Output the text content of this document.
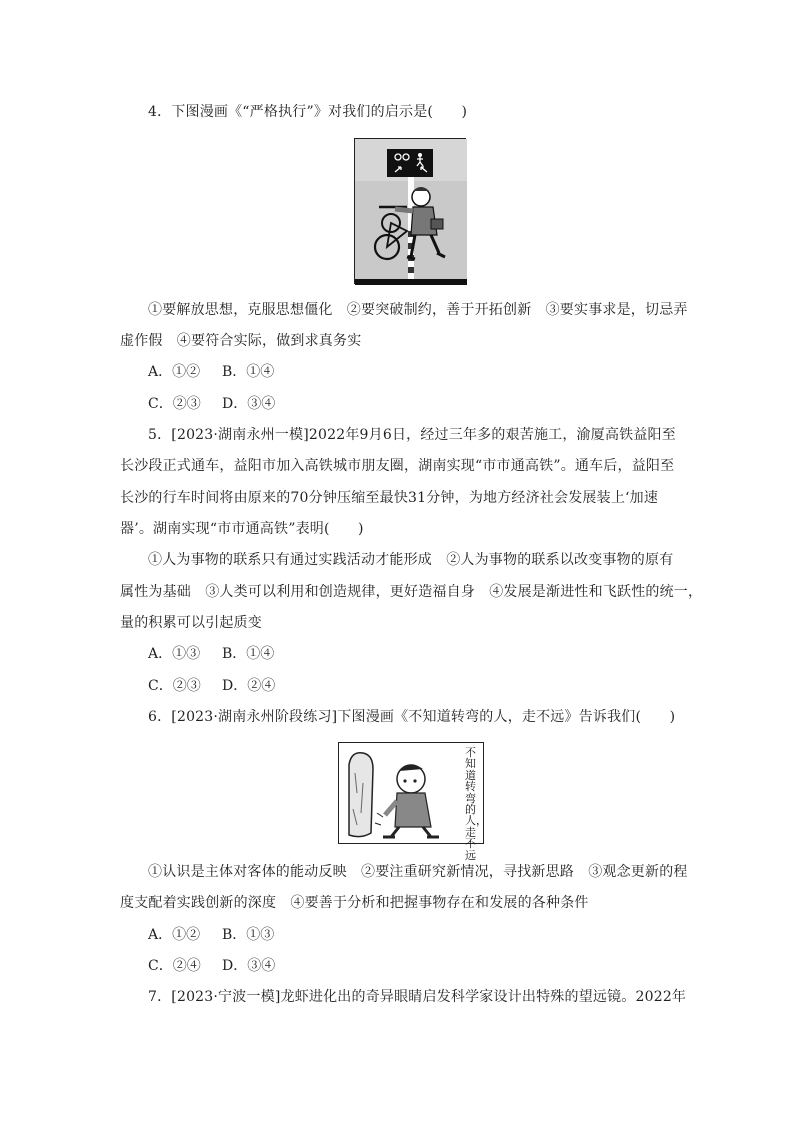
4．下图漫画《“严格执行”》对我们的启示是(　　)
①要解放思想，克服思想僵化　②要突破制约，善于开拓创新　③要实事求是，切忌弄
虚作假　④要符合实际，做到求真务实
A．①② B．①④
C．②③ D．③④
5．[2023·湖南永州一模]2022年9月6日，经过三年多的艰苦施工，渝厦高铁益阳至
长沙段正式通车，益阳市加入高铁城市朋友圈，湖南实现“市市通高铁”。通车后，益阳至
长沙的行车时间将由原来的70分钟压缩至最快31分钟，为地方经济社会发展装上‘加速
器’。湖南实现“市市通高铁”表明(　　)
①人为事物的联系只有通过实践活动才能形成　②人为事物的联系以改变事物的原有
属性为基础　③人类可以利用和创造规律，更好造福自身　④发展是渐进性和飞跃性的统一，
量的积累可以引起质变
A．①③ B．①④
C．②③ D．②④
6．[2023·湖南永州阶段练习]下图漫画《不知道转弯的人，走不远》告诉我们(　　)
不知道转弯的人，走不远
①认识是主体对客体的能动反映　②要注重研究新情况，寻找新思路　③观念更新的程
度支配着实践创新的深度　④要善于分析和把握事物存在和发展的各种条件
A．①② B．①③
C．②④ D．③④
7．[2023·宁波一模]龙虾进化出的奇异眼睛启发科学家设计出特殊的望远镜。2022年
